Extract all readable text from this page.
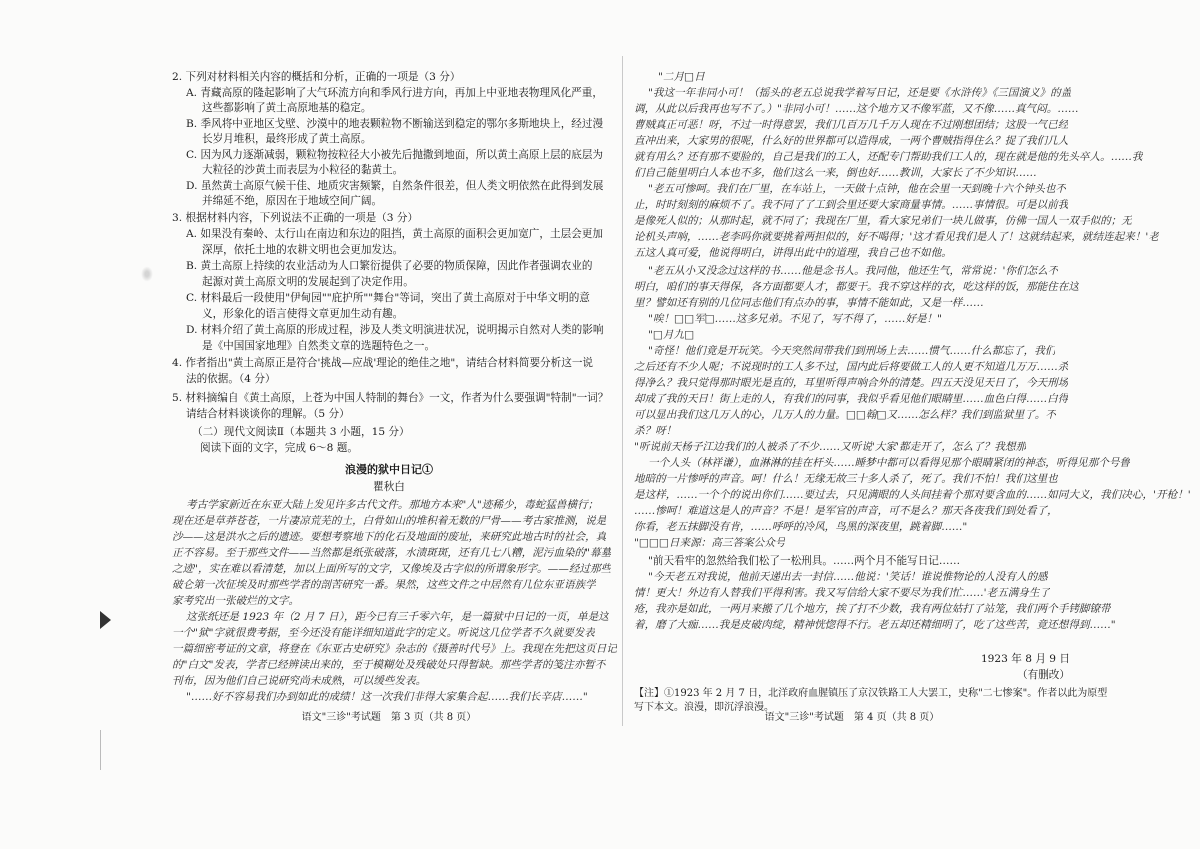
2. 下列对材料相关内容的概括和分析，正确的一项是（3 分）
A. 青藏高原的隆起影响了大气环流方向和季风行进方向，再加上中亚地表物理风化严重，
这些都影响了黄土高原地基的稳定。
B. 季风将中亚地区戈壁、沙漠中的地表颗粒物不断输送到稳定的鄂尔多斯地块上，经过漫
长岁月堆积，最终形成了黄土高原。
C. 因为风力逐渐减弱，颗粒物按粒径大小被先后抛撒到地面，所以黄土高原上层的底层为
大粒径的沙黄土而表层为小粒径的黏黄土。
D. 虽然黄土高原气候干佳、地质灾害频繁，自然条件很差，但人类文明依然在此得到发展
并绵延不绝，原因在于地域空间广阔。
3. 根据材料内容，下列说法不正确的一项是（3 分）
A. 如果没有秦岭、太行山在南边和东边的阻挡，黄土高原的面积会更加宽广，土层会更加
深厚，依托土地的农耕文明也会更加发达。
B. 黄土高原上持续的农业活动为人口繁衍提供了必要的物质保障，因此作者强调农业的
起源对黄土高原文明的发展起到了决定作用。
C. 材料最后一段使用"伊甸园""庇护所""舞台"等词，突出了黄土高原对于中华文明的意
义，形象化的语言使得文章更加生动有趣。
D. 材料介绍了黄土高原的形成过程，涉及人类文明演进状况，说明揭示自然对人类的影响
是《中国国家地理》自然类文章的选题特色之一。
4. 作者指出"黄土高原正是符合'挑战—应战'理论的绝佳之地"，请结合材料简要分析这一说
法的依据。（4 分）
5. 材料摘编自《黄土高原，上苍为中国人特制的舞台》一文，作者为什么要强调"特制"一词？
请结合材料谈谈你的理解。（5 分）
（二）现代文阅读Ⅱ（本题共 3 小题，15 分）
阅读下面的文字，完成 6～8 题。
浪漫的狱中日记①
瞿秋白
考古学家新近在东亚大陆上发见许多古代文件。那地方本来"人"迹稀少，毒蛇猛兽横行；
现在还是草莽苍苍，一片凄凉荒芜的土，白骨如山的堆积着无数的尸骨——考古家推测，说是
沙——这是洪水之后的遗迹。要想考察地下的化石及地面的废址，来研究此地古时的社会，真
正不容易。至于那些文件——当然都是纸张破落，水渍斑斑，还有几七八糟，泥污血染的"幕墓
之迹"，实在难以看清楚，加以上面所写的文字，又像埃及古字似的所谓象形字。——经过那些
破仑第一次征埃及时那些学者的剖苦研究一番。果然，这些文件之中居然有几位东亚语族学
家考究出一张破烂的文字。
这张纸还是 1923 年（2 月 7 日），距今已有三千零六年，是一篇狱中日记的一页，单是这
一个"狱"字就很费考据，至今还没有能详细知道此字的定义。听说这几位学者不久就要发表
一篇细密考证的文章，将登在《东亚古史研究》杂志的《摄善时代号》上。我现在先把这页日记
的"白文"发表，学者已经辨读出来的，至于模糊处及残破处只得暂缺。那些学者的笺注亦暂不
刊布，因为他们自己说研究尚未成熟，可以缓些发表。
"……好不容易我们办到如此的成绩！这一次我们非得大家集合起……我们长辛店……"
语文"三诊"考试题　第 3 页（共 8 页）
"二月□日
"我这一年非同小可！（摇头的老五总说我学着写日记，还是要《水浒传》《三国演义》的盖
调，从此以后我再也写不了。）"非同小可！……这个地方又不像军蓝，又不像……真气闷。……
曹贼真正可恶！呀，不过一时得意罢，我们几百万几千万人现在不过刚想团结；这股一气已经
直冲出来，大家男的很呢，什么好的世界都可以造得成，一两个曹贼指得住么？捉了我们几人
就有用么？还有那不要脸的，自己是我们的工人，还配专门帮助我们工人的，现在就是他的先头卒人。……我
们自己能里明白人本也不多，他们这么一来，倒也好……教训，大家长了不少知识……
"老五可惨呵。我们在厂里，在车站上，一天做十点钟，他在会里一天到晚十六个钟头也不
止，时时刻刻的麻烦不了。我不同了了工到会里还要大家商量事情。……事情很。可是以前我
是像死人似的；从那时起，就不同了；我现在厂里，看大家兄弟们一块儿做事，仿佛一国人一双手似的；无
论机头声响，……老李吗你就要挑着两担似的，好不喝得；'这才看见我们是人了！这就结起来，就结连起来！'老
五这人真可爱，他说得明白，讲得出此中的道理，我自己也不如他。
"老五从小又没念过这样的书……他是念书人。我同他，他还生气，常常说：'你们怎么不
明白，咱们的事天得保，各方面都要人才，都要干。我不穿这样的衣，吃这样的饭，那能住在这
里？譬如还有别的几位同志他们有点办的事，事情不能如此，又是一样……
"唉！□□军□……这多兄弟。不见了，写不得了，……好是！"
"□月九□
"奇怪！他们竟是开玩笑。今天突然间带我们到刑场上去……惯气……什么都忘了，我们
之后还有不少人呢；不说现时的工人多不过，国内此后将要做工人的人更不知道几万万……杀
得净么？我只觉得那时眼光是直的，耳里听得声响合外的清楚。四五天没见天日了，今天刑场
却成了我的天日！街上走的人，有我们的同事，我似乎看见他们眼睛里……血色白得……白得
可以显出我们这几万人的心，几万人的力量。□□翰□又……怎么样？我们到监狱里了。不
杀？呀！
"听说前天杨子江边我们的人被杀了不少……又听说'大家'都走开了，怎么了？我想那
一个人头（林祥谦），血淋淋的挂在杆头……睡梦中都可以看得见那个眼睛紧闭的神态，听得见那个号鲁
地暗的一片惨呼的声音。呵！什么！无缘无故三十多人杀了，死了。我们不怕！我们这里也
是这样，……一个个的说出你们……要过去，只见满眼的人头间挂着个那对要含血的……如同大义，我们决心，'开枪！'
……惨呵！难道这是人的声音？不是！是军官的声音，可不是么？那天各夜我们到处看了，
你看，老五抹脚没有肯，……呼呼的冷风，鸟黑的深夜里，跳着脚……"
"□□□日来源：高三答案公众号
"前天看牢的忽然给我们松了一松刑具。……两个月不能写日记……
"今天老五对我说，他前天递出去一封信……他说：'笑话！谁说惟物论的人没有人的感
情！更大！外边有人替我们平得利害。我又写信给大家不要尽为我们忙……'老五满身生了
疮，我亦是如此，一两月来搬了几个地方，挨了打不少数，我有两位姑打了站笼，我们两个手铐脚镣带
着，磨了大痂……我是皮破肉绽，精神恍惚得不行。老五却还精细明了，吃了这些苦，竟还想得到……"
1923 年 8 月 9 日
（有删改）
【注】①1923 年 2 月 7 日，北洋政府血腥镇压了京汉铁路工人大罢工，史称"二七惨案"。作者以此为原型
写下本文。浪漫，即沉浮浪漫。
语文"三诊"考试题　第 4 页（共 8 页）
